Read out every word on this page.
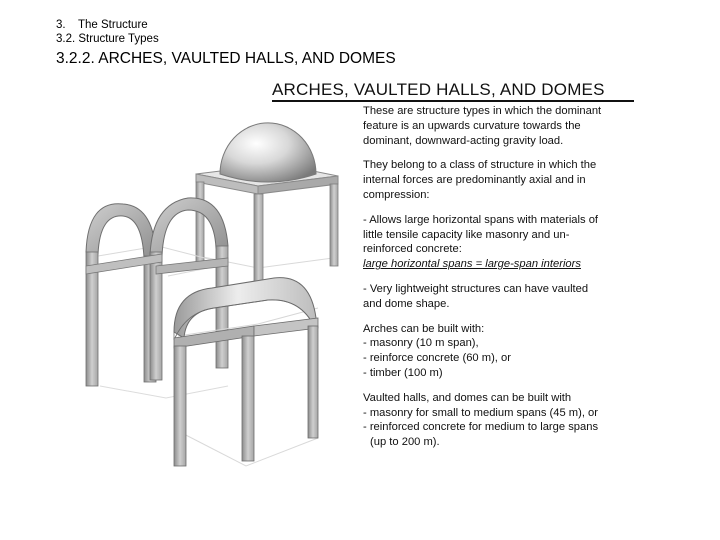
3. The Structure
3.2. Structure Types
3.2.2. ARCHES, VAULTED HALLS, AND DOMES
ARCHES, VAULTED HALLS, AND DOMES

These are structure types in which the dominant
feature is an upwards curvature towards the
dominant, downward-acting gravity load.

They belong to a class of structure in which the
internal forces are predominantly axial and in
compression:

- Allows large horizontal spans with materials of
little tensile capacity like masonry and un-
reinforced concrete:
large horizontal spans = large-span interiors

- Very lightweight structures can have vaulted
and dome shape.

Arches can be built with:
- masonry (10 m span),
- reinforce concrete (60 m), or
- timber (100 m)

Vaulted halls, and domes can be built with
- masonry for small to medium spans (45 m), or
- reinforced concrete for medium to large spans
(up to 200 m).
